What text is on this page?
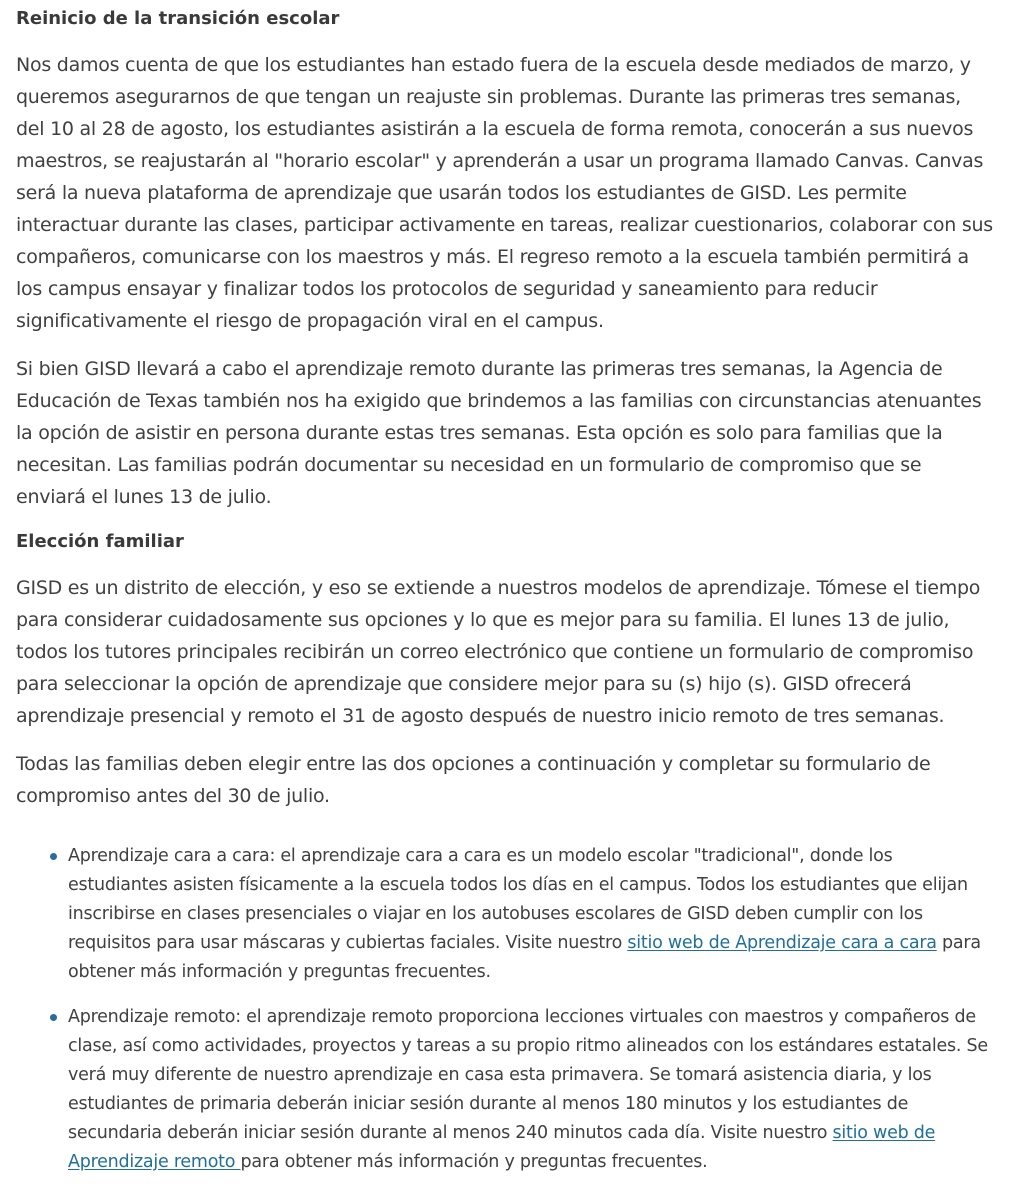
Reinicio de la transición escolar

Nos damos cuenta de que los estudiantes han estado fuera de la escuela desde mediados de marzo, y queremos asegurarnos de que tengan un reajuste sin problemas. Durante las primeras tres semanas, del 10 al 28 de agosto, los estudiantes asistirán a la escuela de forma remota, conocerán a sus nuevos maestros, se reajustarán al "horario escolar" y aprenderán a usar un programa llamado Canvas. Canvas será la nueva plataforma de aprendizaje que usarán todos los estudiantes de GISD. Les permite interactuar durante las clases, participar activamente en tareas, realizar cuestionarios, colaborar con sus compañeros, comunicarse con los maestros y más. El regreso remoto a la escuela también permitirá a los campus ensayar y finalizar todos los protocolos de seguridad y saneamiento para reducir significativamente el riesgo de propagación viral en el campus.

Si bien GISD llevará a cabo el aprendizaje remoto durante las primeras tres semanas, la Agencia de Educación de Texas también nos ha exigido que brindemos a las familias con circunstancias atenuantes la opción de asistir en persona durante estas tres semanas. Esta opción es solo para familias que la necesitan. Las familias podrán documentar su necesidad en un formulario de compromiso que se enviará el lunes 13 de julio.

Elección familiar

GISD es un distrito de elección, y eso se extiende a nuestros modelos de aprendizaje. Tómese el tiempo para considerar cuidadosamente sus opciones y lo que es mejor para su familia. El lunes 13 de julio, todos los tutores principales recibirán un correo electrónico que contiene un formulario de compromiso para seleccionar la opción de aprendizaje que considere mejor para su (s) hijo (s). GISD ofrecerá aprendizaje presencial y remoto el 31 de agosto después de nuestro inicio remoto de tres semanas.

Todas las familias deben elegir entre las dos opciones a continuación y completar su formulario de compromiso antes del 30 de julio.

Aprendizaje cara a cara: el aprendizaje cara a cara es un modelo escolar "tradicional", donde los estudiantes asisten físicamente a la escuela todos los días en el campus. Todos los estudiantes que elijan inscribirse en clases presenciales o viajar en los autobuses escolares de GISD deben cumplir con los requisitos para usar máscaras y cubiertas faciales. Visite nuestro sitio web de Aprendizaje cara a cara para obtener más información y preguntas frecuentes.
Aprendizaje remoto: el aprendizaje remoto proporciona lecciones virtuales con maestros y compañeros de clase, así como actividades, proyectos y tareas a su propio ritmo alineados con los estándares estatales. Se verá muy diferente de nuestro aprendizaje en casa esta primavera. Se tomará asistencia diaria, y los estudiantes de primaria deberán iniciar sesión durante al menos 180 minutos y los estudiantes de secundaria deberán iniciar sesión durante al menos 240 minutos cada día. Visite nuestro sitio web de Aprendizaje remoto para obtener más información y preguntas frecuentes.
